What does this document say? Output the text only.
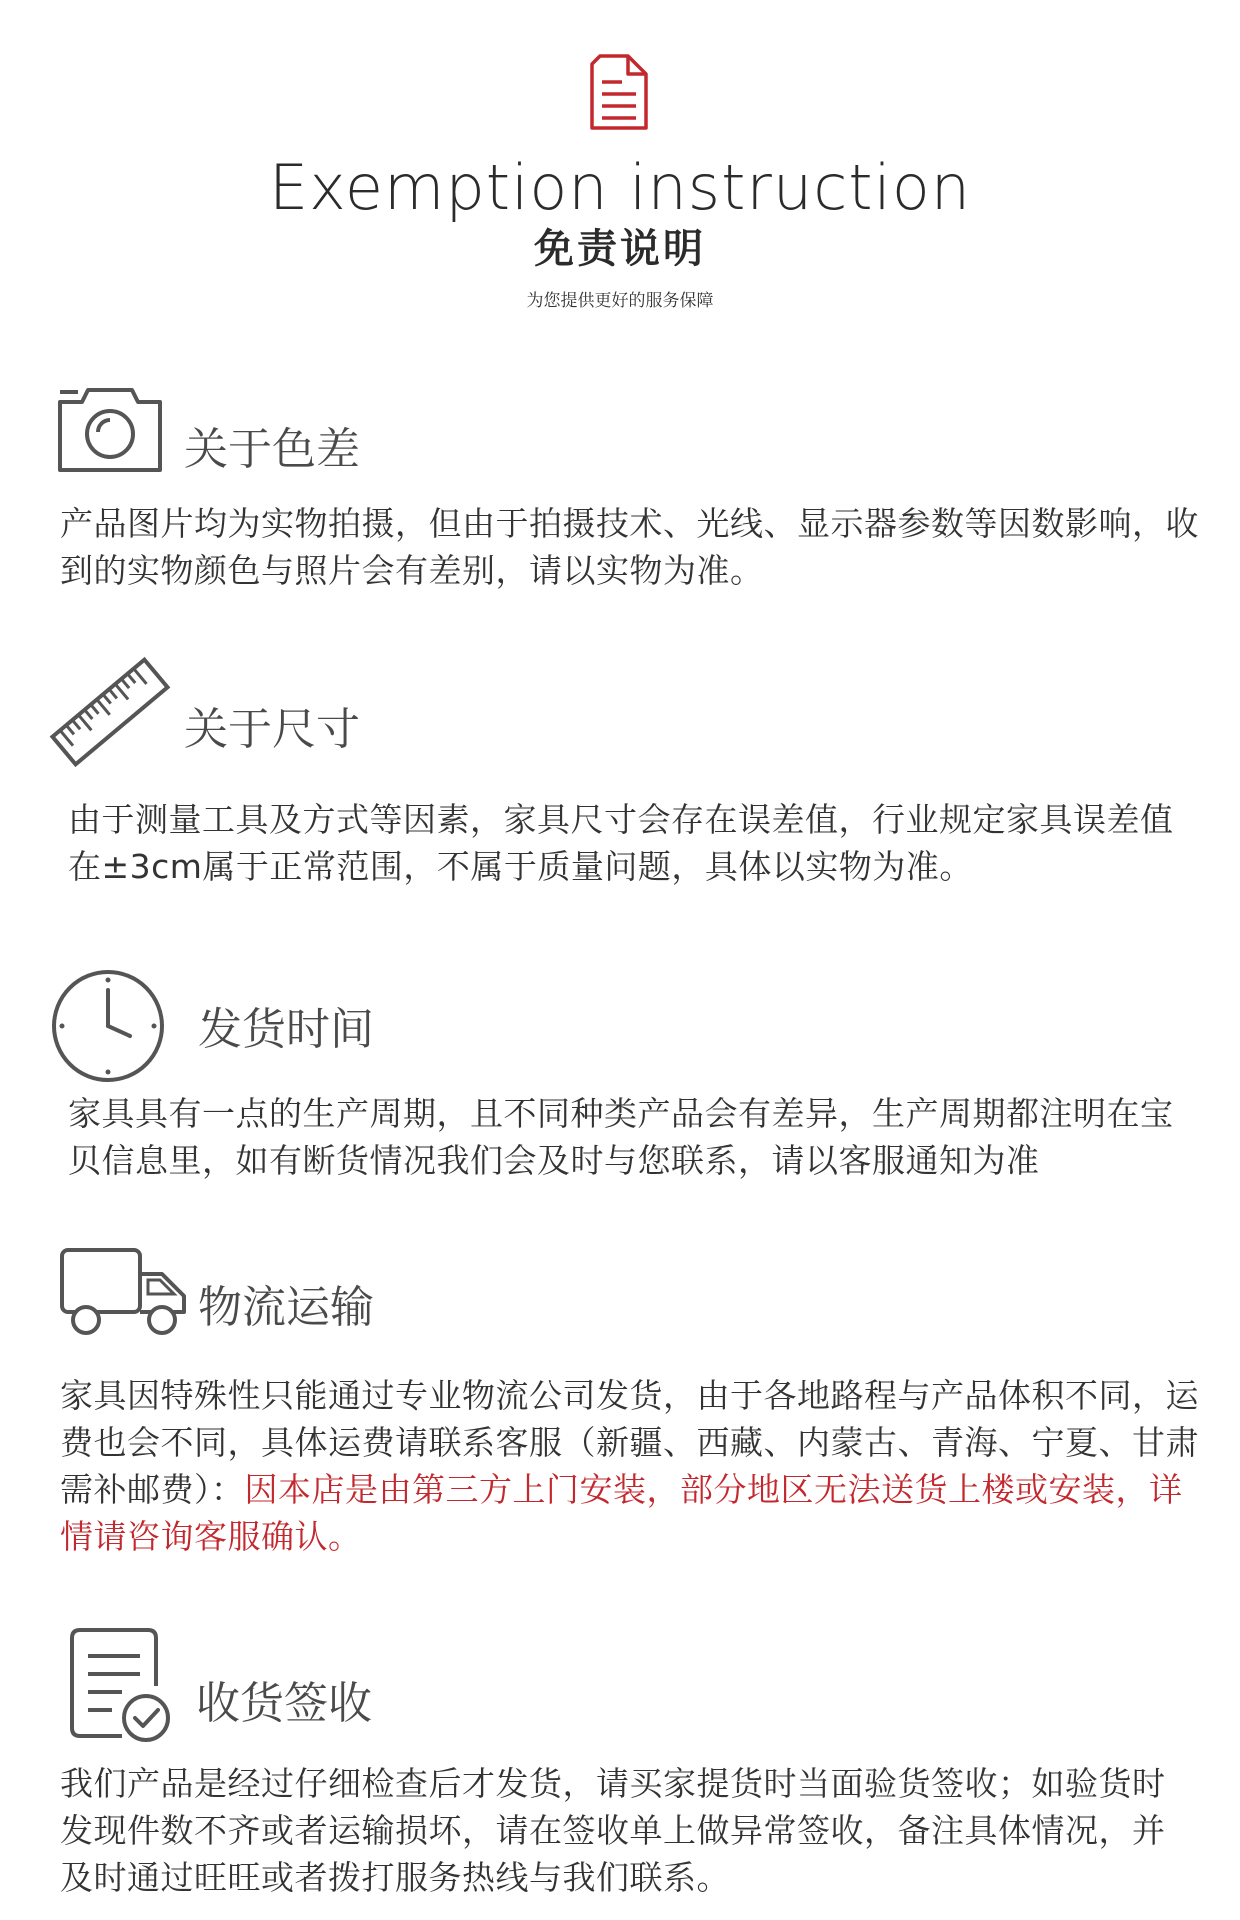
Exemption instruction
免责说明
为您提供更好的服务保障
关于色差
产品图片均为实物拍摄，但由于拍摄技术、光线、显示器参数等因数影响，收到的实物颜色与照片会有差别，请以实物为准。
关于尺寸
由于测量工具及方式等因素，家具尺寸会存在误差值，行业规定家具误差值在±3cm属于正常范围，不属于质量问题，具体以实物为准。
发货时间
家具具有一点的生产周期，且不同种类产品会有差异，生产周期都注明在宝贝信息里，如有断货情况我们会及时与您联系，请以客服通知为准
物流运输
家具因特殊性只能通过专业物流公司发货，由于各地路程与产品体积不同，运费也会不同，具体运费请联系客服（新疆、西藏、内蒙古、青海、宁夏、甘肃需补邮费）：因本店是由第三方上门安装，部分地区无法送货上楼或安装，详情请咨询客服确认。
收货签收
我们产品是经过仔细检查后才发货，请买家提货时当面验货签收；如验货时发现件数不齐或者运输损坏，请在签收单上做异常签收，备注具体情况，并及时通过旺旺或者拨打服务热线与我们联系。
